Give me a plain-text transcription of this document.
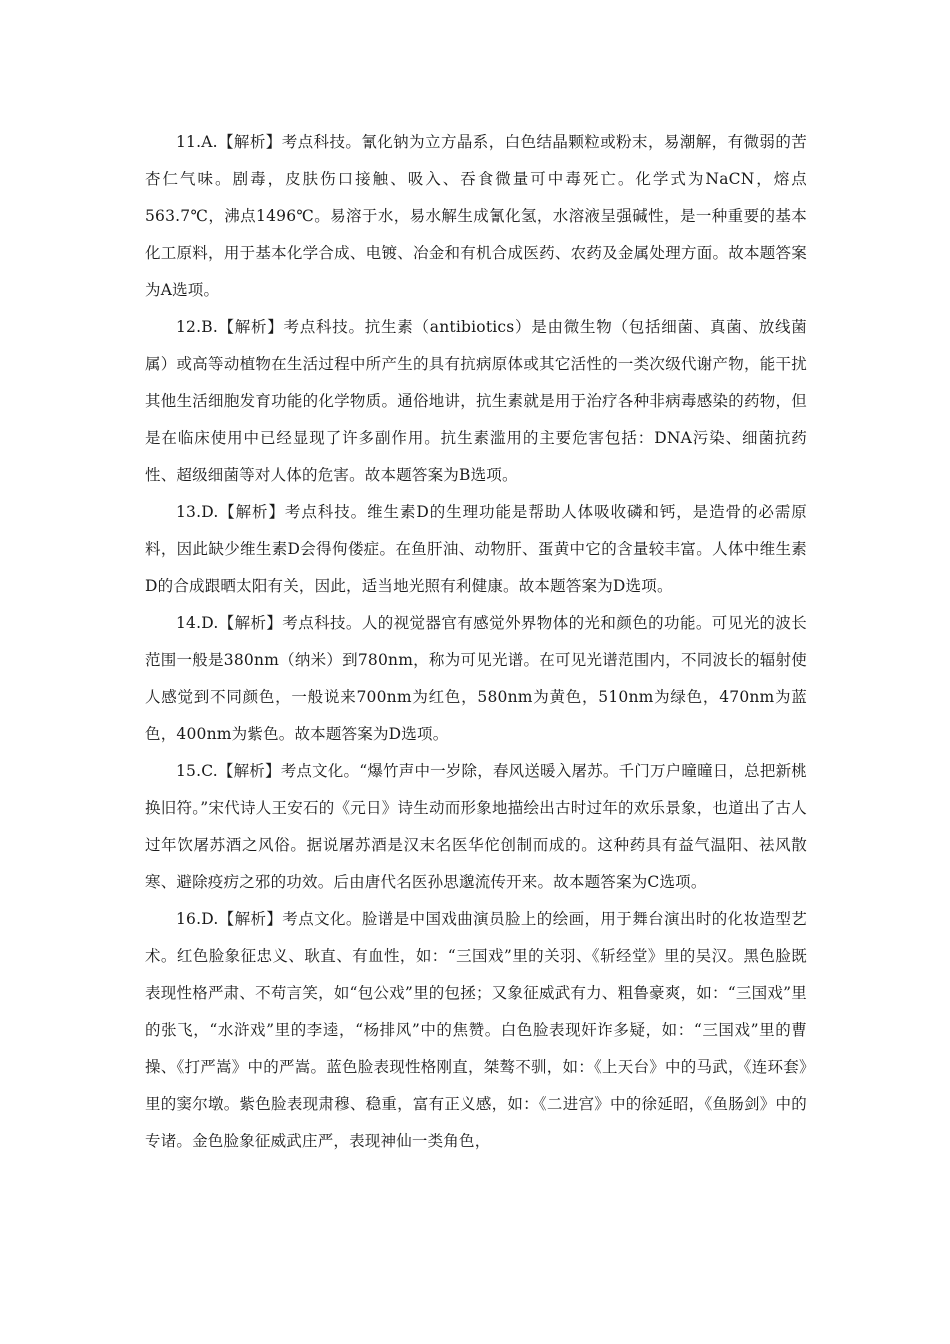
11.A.【解析】考点科技。氰化钠为立方晶系，白色结晶颗粒或粉末，易潮解，有微弱的苦杏仁气味。剧毒，皮肤伤口接触、吸入、吞食微量可中毒死亡。化学式为NaCN，熔点563.7℃，沸点1496℃。易溶于水，易水解生成氰化氢，水溶液呈强碱性，是一种重要的基本化工原料，用于基本化学合成、电镀、冶金和有机合成医药、农药及金属处理方面。故本题答案为A选项。

12.B.【解析】考点科技。抗生素（antibiotics）是由微生物（包括细菌、真菌、放线菌属）或高等动植物在生活过程中所产生的具有抗病原体或其它活性的一类次级代谢产物，能干扰其他生活细胞发育功能的化学物质。通俗地讲，抗生素就是用于治疗各种非病毒感染的药物，但是在临床使用中已经显现了许多副作用。抗生素滥用的主要危害包括：DNA污染、细菌抗药性、超级细菌等对人体的危害。故本题答案为B选项。

13.D.【解析】考点科技。维生素D的生理功能是帮助人体吸收磷和钙，是造骨的必需原料，因此缺少维生素D会得佝偻症。在鱼肝油、动物肝、蛋黄中它的含量较丰富。人体中维生素D的合成跟晒太阳有关，因此，适当地光照有利健康。故本题答案为D选项。

14.D.【解析】考点科技。人的视觉器官有感觉外界物体的光和颜色的功能。可见光的波长范围一般是380nm（纳米）到780nm，称为可见光谱。在可见光谱范围内，不同波长的辐射使人感觉到不同颜色，一般说来700nm为红色，580nm为黄色，510nm为绿色，470nm为蓝色，400nm为紫色。故本题答案为D选项。

15.C.【解析】考点文化。“爆竹声中一岁除，春风送暖入屠苏。千门万户曈曈日，总把新桃换旧符。”宋代诗人王安石的《元日》诗生动而形象地描绘出古时过年的欢乐景象，也道出了古人过年饮屠苏酒之风俗。据说屠苏酒是汉末名医华佗创制而成的。这种药具有益气温阳、祛风散寒、避除疫疠之邪的功效。后由唐代名医孙思邈流传开来。故本题答案为C选项。

16.D.【解析】考点文化。脸谱是中国戏曲演员脸上的绘画，用于舞台演出时的化妆造型艺术。红色脸象征忠义、耿直、有血性，如：“三国戏”里的关羽、《斩经堂》里的吴汉。黑色脸既表现性格严肃、不苟言笑，如“包公戏”里的包拯；又象征威武有力、粗鲁豪爽，如：“三国戏”里的张飞，“水浒戏”里的李逵，“杨排风”中的焦赞。白色脸表现奸诈多疑，如：“三国戏”里的曹操、《打严嵩》中的严嵩。蓝色脸表现性格刚直，桀骜不驯，如：《上天台》中的马武，《连环套》里的窦尔墩。紫色脸表现肃穆、稳重，富有正义感，如：《二进宫》中的徐延昭，《鱼肠剑》中的专诸。金色脸象征威武庄严，表现神仙一类角色，
